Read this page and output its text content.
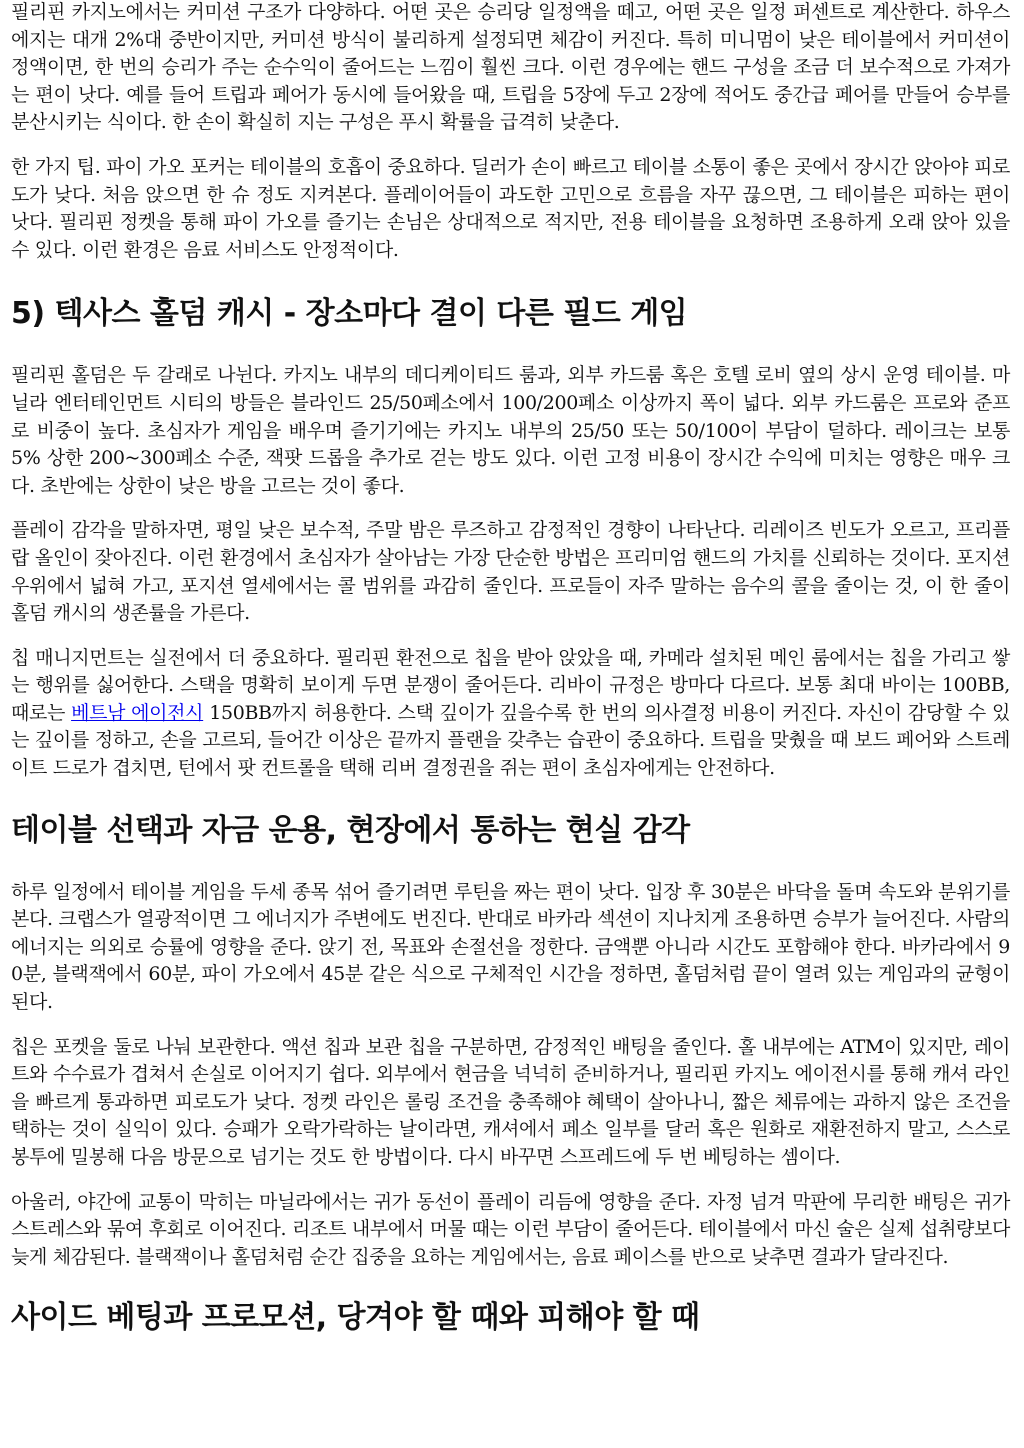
필리핀 카지노에서는 커미션 구조가 다양하다. 어떤 곳은 승리당 일정액을 떼고, 어떤 곳은 일정 퍼센트로 계산한다. 하우스 에지는 대개 2%대 중반이지만, 커미션 방식이 불리하게 설정되면 체감이 커진다. 특히 미니멈이 낮은 테이블에서 커미션이 정액이면, 한 번의 승리가 주는 순수익이 줄어드는 느낌이 훨씬 크다. 이런 경우에는 핸드 구성을 조금 더 보수적으로 가져가는 편이 낫다. 예를 들어 트립과 페어가 동시에 들어왔을 때, 트립을 5장에 두고 2장에 적어도 중간급 페어를 만들어 승부를 분산시키는 식이다. 한 손이 확실히 지는 구성은 푸시 확률을 급격히 낮춘다.

한 가지 팁. 파이 가오 포커는 테이블의 호흡이 중요하다. 딜러가 손이 빠르고 테이블 소통이 좋은 곳에서 장시간 앉아야 피로도가 낮다. 처음 앉으면 한 슈 정도 지켜본다. 플레이어들이 과도한 고민으로 흐름을 자꾸 끊으면, 그 테이블은 피하는 편이 낫다. 필리핀 정켓을 통해 파이 가오를 즐기는 손님은 상대적으로 적지만, 전용 테이블을 요청하면 조용하게 오래 앉아 있을 수 있다. 이런 환경은 음료 서비스도 안정적이다.

5) 텍사스 홀덤 캐시 - 장소마다 결이 다른 필드 게임

필리핀 홀덤은 두 갈래로 나뉜다. 카지노 내부의 데디케이티드 룸과, 외부 카드룸 혹은 호텔 로비 옆의 상시 운영 테이블. 마닐라 엔터테인먼트 시티의 방들은 블라인드 25/50페소에서 100/200페소 이상까지 폭이 넓다. 외부 카드룸은 프로와 준프로 비중이 높다. 초심자가 게임을 배우며 즐기기에는 카지노 내부의 25/50 또는 50/100이 부담이 덜하다. 레이크는 보통 5% 상한 200~300페소 수준, 잭팟 드롭을 추가로 걷는 방도 있다. 이런 고정 비용이 장시간 수익에 미치는 영향은 매우 크다. 초반에는 상한이 낮은 방을 고르는 것이 좋다.

플레이 감각을 말하자면, 평일 낮은 보수적, 주말 밤은 루즈하고 감정적인 경향이 나타난다. 리레이즈 빈도가 오르고, 프리플랍 올인이 잦아진다. 이런 환경에서 초심자가 살아남는 가장 단순한 방법은 프리미엄 핸드의 가치를 신뢰하는 것이다. 포지션 우위에서 넓혀 가고, 포지션 열세에서는 콜 범위를 과감히 줄인다. 프로들이 자주 말하는 음수의 콜을 줄이는 것, 이 한 줄이 홀덤 캐시의 생존률을 가른다.

칩 매니지먼트는 실전에서 더 중요하다. 필리핀 환전으로 칩을 받아 앉았을 때, 카메라 설치된 메인 룸에서는 칩을 가리고 쌓는 행위를 싫어한다. 스택을 명확히 보이게 두면 분쟁이 줄어든다. 리바이 규정은 방마다 다르다. 보통 최대 바이는 100BB, 때로는 베트남 에이전시 150BB까지 허용한다. 스택 깊이가 깊을수록 한 번의 의사결정 비용이 커진다. 자신이 감당할 수 있는 깊이를 정하고, 손을 고르되, 들어간 이상은 끝까지 플랜을 갖추는 습관이 중요하다. 트립을 맞췄을 때 보드 페어와 스트레이트 드로가 겹치면, 턴에서 팟 컨트롤을 택해 리버 결정권을 쥐는 편이 초심자에게는 안전하다.

테이블 선택과 자금 운용, 현장에서 통하는 현실 감각

하루 일정에서 테이블 게임을 두세 종목 섞어 즐기려면 루틴을 짜는 편이 낫다. 입장 후 30분은 바닥을 돌며 속도와 분위기를 본다. 크랩스가 열광적이면 그 에너지가 주변에도 번진다. 반대로 바카라 섹션이 지나치게 조용하면 승부가 늘어진다. 사람의 에너지는 의외로 승률에 영향을 준다. 앉기 전, 목표와 손절선을 정한다. 금액뿐 아니라 시간도 포함해야 한다. 바카라에서 90분, 블랙잭에서 60분, 파이 가오에서 45분 같은 식으로 구체적인 시간을 정하면, 홀덤처럼 끝이 열려 있는 게임과의 균형이 된다.

칩은 포켓을 둘로 나눠 보관한다. 액션 칩과 보관 칩을 구분하면, 감정적인 배팅을 줄인다. 홀 내부에는 ATM이 있지만, 레이트와 수수료가 겹쳐서 손실로 이어지기 쉽다. 외부에서 현금을 넉넉히 준비하거나, 필리핀 카지노 에이전시를 통해 캐셔 라인을 빠르게 통과하면 피로도가 낮다. 정켓 라인은 롤링 조건을 충족해야 혜택이 살아나니, 짧은 체류에는 과하지 않은 조건을 택하는 것이 실익이 있다. 승패가 오락가락하는 날이라면, 캐셔에서 페소 일부를 달러 혹은 원화로 재환전하지 말고, 스스로 봉투에 밀봉해 다음 방문으로 넘기는 것도 한 방법이다. 다시 바꾸면 스프레드에 두 번 베팅하는 셈이다.

아울러, 야간에 교통이 막히는 마닐라에서는 귀가 동선이 플레이 리듬에 영향을 준다. 자정 넘겨 막판에 무리한 배팅은 귀가 스트레스와 묶여 후회로 이어진다. 리조트 내부에서 머물 때는 이런 부담이 줄어든다. 테이블에서 마신 술은 실제 섭취량보다 늦게 체감된다. 블랙잭이나 홀덤처럼 순간 집중을 요하는 게임에서는, 음료 페이스를 반으로 낮추면 결과가 달라진다.

사이드 베팅과 프로모션, 당겨야 할 때와 피해야 할 때
